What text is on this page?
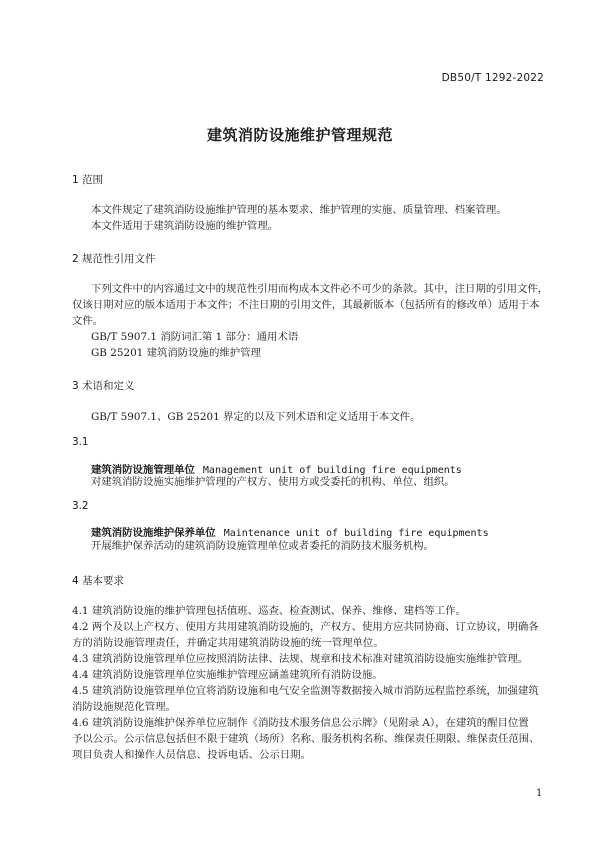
DB50/T 1292-2022
建筑消防设施维护管理规范
1 范围
本文件规定了建筑消防设施维护管理的基本要求、维护管理的实施、质量管理、档案管理。
本文件适用于建筑消防设施的维护管理。
2 规范性引用文件
下列文件中的内容通过文中的规范性引用而构成本文件必不可少的条款。其中，注日期的引用文件，
仅该日期对应的版本适用于本文件；不注日期的引用文件，其最新版本（包括所有的修改单）适用于本
文件。
GB/T 5907.1 消防词汇第 1 部分：通用术语
GB 25201 建筑消防设施的维护管理
3 术语和定义
GB/T 5907.1、GB 25201 界定的以及下列术语和定义适用于本文件。
3.1
建筑消防设施管理单位 Management unit of building fire equipments
对建筑消防设施实施维护管理的产权方、使用方或受委托的机构、单位、组织。
3.2
建筑消防设施维护保养单位 Maintenance unit of building fire equipments
开展维护保养活动的建筑消防设施管理单位或者委托的消防技术服务机构。
4 基本要求
4.1 建筑消防设施的维护管理包括值班、巡查、检查测试、保养、维修、建档等工作。
4.2 两个及以上产权方、使用方共用建筑消防设施的，产权方、使用方应共同协商、订立协议，明确各
方的消防设施管理责任，并确定共用建筑消防设施的统一管理单位。
4.3 建筑消防设施管理单位应按照消防法律、法规、规章和技术标准对建筑消防设施实施维护管理。
4.4 建筑消防设施管理单位实施维护管理应涵盖建筑所有消防设施。
4.5 建筑消防设施管理单位宜将消防设施和电气安全监测等数据接入城市消防远程监控系统，加强建筑
消防设施规范化管理。
4.6 建筑消防设施维护保养单位应制作《消防技术服务信息公示牌》（见附录 A），在建筑的醒目位置
予以公示。公示信息包括但不限于建筑（场所）名称、服务机构名称、维保责任期限、维保责任范围、
项目负责人和操作人员信息、投诉电话、公示日期。
1
